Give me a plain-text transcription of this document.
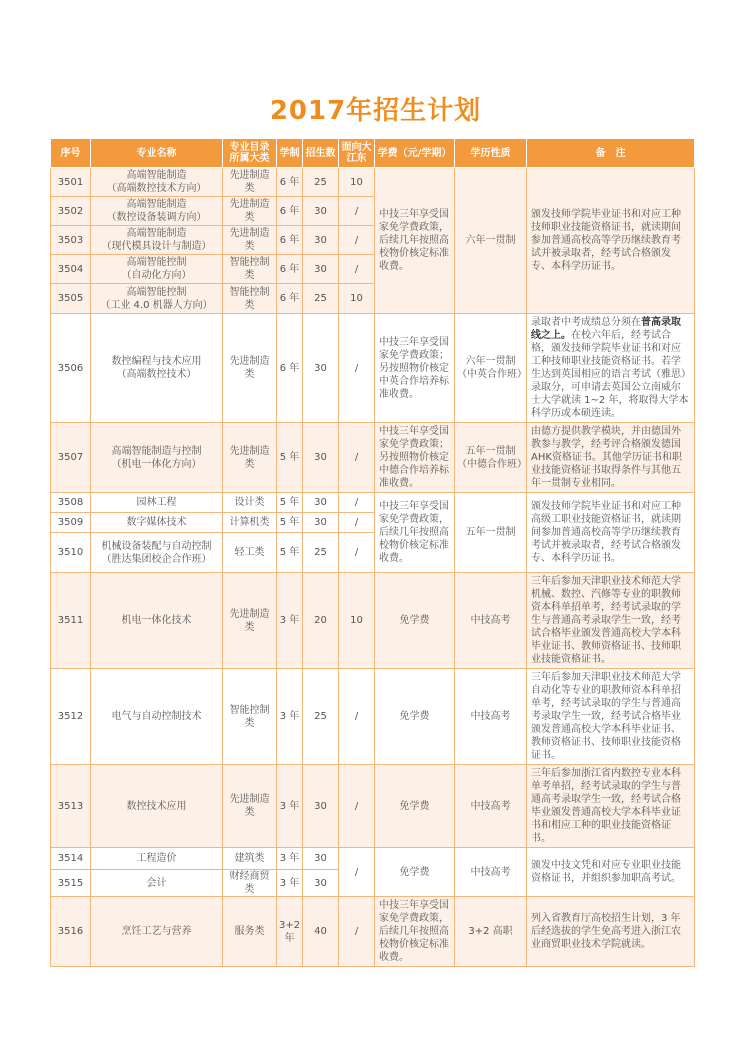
2017年招生计划
序号	专业名称	专业目录所属大类	学制	招生数	面向大江东	学费（元/学期）	学历性质	备　注
3501	高端智能制造
（高端数控技术方向）	先进制造类	6 年	25	10	中技三年享受国家免学费政策，后续几年按照高校物价核定标准收费。	六年一贯制	颁发技师学院毕业证书和对应工种技师职业技能资格证书，就读期间参加普通高校高等学历继续教育考试并被录取者，经考试合格颁发专、本科学历证书。
3502	高端智能制造
（数控设备装调方向）	先进制造类	6 年	30	/			
3503	高端智能制造
（现代模具设计与制造）	先进制造类	6 年	30	/			
3504	高端智能控制
（自动化方向）	智能控制类	6 年	30	/			
3505	高端智能控制
（工业 4.0 机器人方向）	智能控制类	6 年	25	10			
3506	数控编程与技术应用
（高端数控技术）	先进制造类	6 年	30	/	中技三年享受国家免学费政策；另按照物价核定中英合作培养标准收费。	六年一贯制
（中英合作班）	录取者中考成绩总分须在普高录取线之上。在校六年后，经考试合格，颁发技师学院毕业证书和对应工种技师职业技能资格证书。若学生达到英国相应的语言考试（雅思）录取分，可申请去英国公立南威尔士大学就读 1~2 年，将取得大学本科学历或本硕连读。
3507	高端智能制造与控制
（机电一体化方向）	先进制造类	5 年	30	/	中技三年享受国家免学费政策；另按照物价核定中德合作培养标准收费。	五年一贯制
（中德合作班）	由德方提供教学模块，并由德国外教参与教学，经考评合格颁发德国AHK资格证书。其他学历证书和职业技能资格证书取得条件与其他五年一贯制专业相同。
3508	园林工程	设计类	5 年	30	/	中技三年享受国家免学费政策，后续几年按照高校物价核定标准收费。	五年一贯制	颁发技师学院毕业证书和对应工种高级工职业技能资格证书，就读期间参加普通高校高等学历继续教育考试并被录取者，经考试合格颁发专、本科学历证书。
3509	数字媒体技术	计算机类	5 年	30	/			
3510	机械设备装配与自动控制
（胜达集团校企合作班）	轻工类	5 年	25	/			
3511	机电一体化技术	先进制造类	3 年	20	10	免学费	中技高考	三年后参加天津职业技术师范大学机械、数控、汽修等专业的职教师资本科单招单考，经考试录取的学生与普通高考录取学生一致，经考试合格毕业颁发普通高校大学本科毕业证书、教师资格证书、技师职业技能资格证书。
3512	电气与自动控制技术	智能控制类	3 年	25	/	免学费	中技高考	三年后参加天津职业技术师范大学自动化等专业的职教师资本科单招单考，经考试录取的学生与普通高考录取学生一致，经考试合格毕业颁发普通高校大学本科毕业证书、教师资格证书、技师职业技能资格证书。
3513	数控技术应用	先进制造类	3 年	30	/	免学费	中技高考	三年后参加浙江省内数控专业本科单考单招，经考试录取的学生与普通高考录取学生一致，经考试合格毕业颁发普通高校大学本科毕业证书和相应工种的职业技能资格证书。
3514	工程造价	建筑类	3 年	30	/	免学费	中技高考	颁发中技文凭和对应专业职业技能资格证书，并组织参加职高考试。
3515	会计	财经商贸类	3 年	30				
3516	烹饪工艺与营养	服务类	3+2
年	40	/	中技三年享受国家免学费政策，后续几年按照高校物价核定标准收费。	3+2 高职	列入省教育厅高校招生计划，3 年后经选拔的学生免高考进入浙江农业商贸职业技术学院就读。
